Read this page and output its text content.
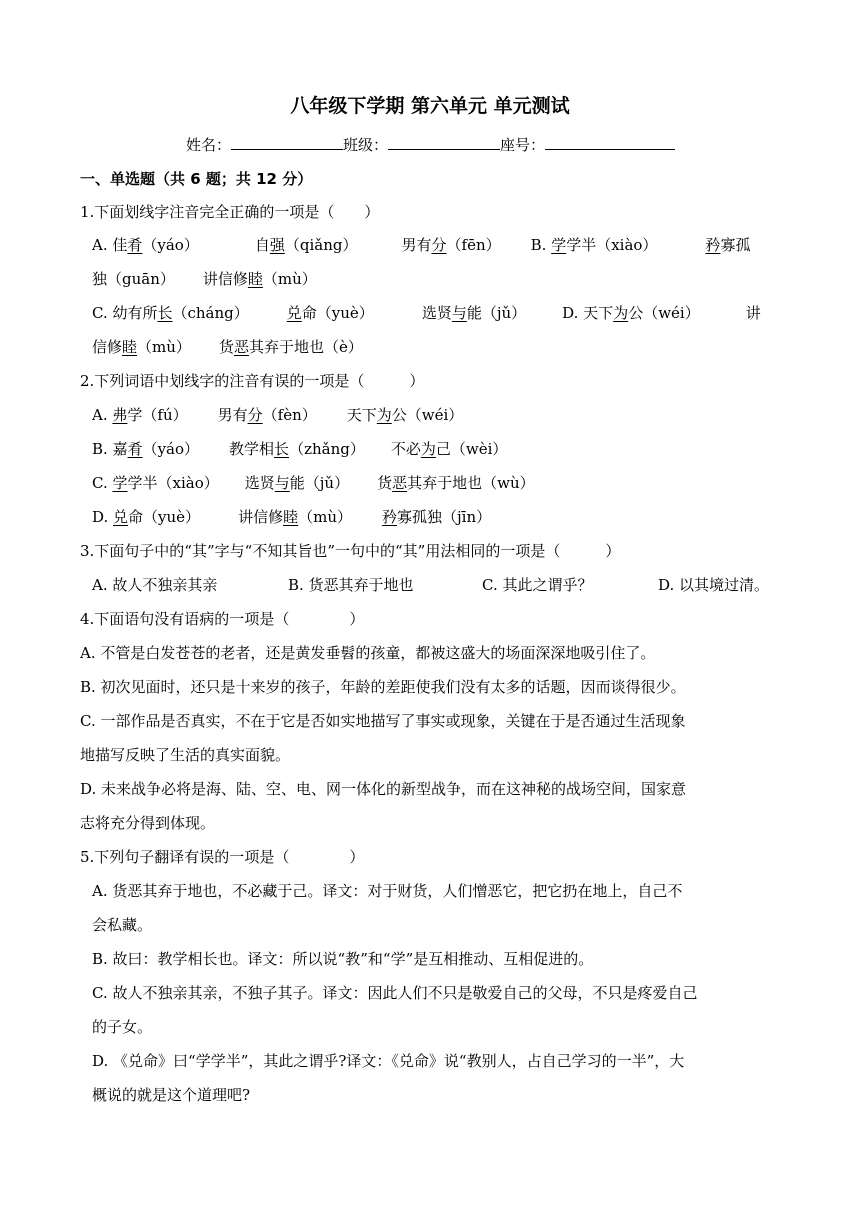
八年级下学期 第六单元 单元测试
姓名：	班级：	座号：
一、单选题（共 6 题；共 12 分）
1.下面划线字注音完全正确的一项是（　　）
A. 佳肴（yáo）	自强（qiǎng）	男有分（fēn） B. 学学半（xiào）	矜寡孤
独（guān） 讲信修睦（mù）
C. 幼有所长（cháng）	兑命（yuè）	选贤与能（jǔ） D. 天下为公（wéi）	讲
信修睦（mù） 货恶其弃于地也（è）
2.下列词语中划线字的注音有误的一项是（　　　）
A. 弗学（fú） 男有分（fèn） 天下为公（wéi）
B. 嘉肴（yáo） 教学相长（zhǎng） 不必为己（wèi）
C. 学学半（xiào） 选贤与能（jǔ） 货恶其弃于地也（wù）
D. 兑命（yuè）	讲信修睦（mù） 矜寡孤独（jīn）
3.下面句子中的“其”字与“不知其旨也”一句中的“其”用法相同的一项是（　　　）
A. 故人不独亲其亲	B. 货恶其弃于地也	C. 其此之谓乎？	D. 以其境过清。
4.下面语句没有语病的一项是（　　　　）
A. 不管是白发苍苍的老者，还是黄发垂髫的孩童，都被这盛大的场面深深地吸引住了。
B. 初次见面时，还只是十来岁的孩子，年龄的差距使我们没有太多的话题，因而谈得很少。
C. 一部作品是否真实，不在于它是否如实地描写了事实或现象，关键在于是否通过生活现象
地描写反映了生活的真实面貌。
D. 未来战争必将是海、陆、空、电、网一体化的新型战争，而在这神秘的战场空间，国家意
志将充分得到体现。
5.下列句子翻译有误的一项是（　　　　）
A. 货恶其弃于地也，不必藏于己。译文：对于财货，人们憎恶它，把它扔在地上，自己不
会私藏。
B. 故曰：教学相长也。译文：所以说“教”和“学”是互相推动、互相促进的。
C. 故人不独亲其亲，不独子其子。译文：因此人们不只是敬爱自己的父母，不只是疼爱自己
的子女。
D. 《兑命》曰“学学半”，其此之谓乎?译文：《兑命》说“教别人，占自己学习的一半”，大
概说的就是这个道理吧?
